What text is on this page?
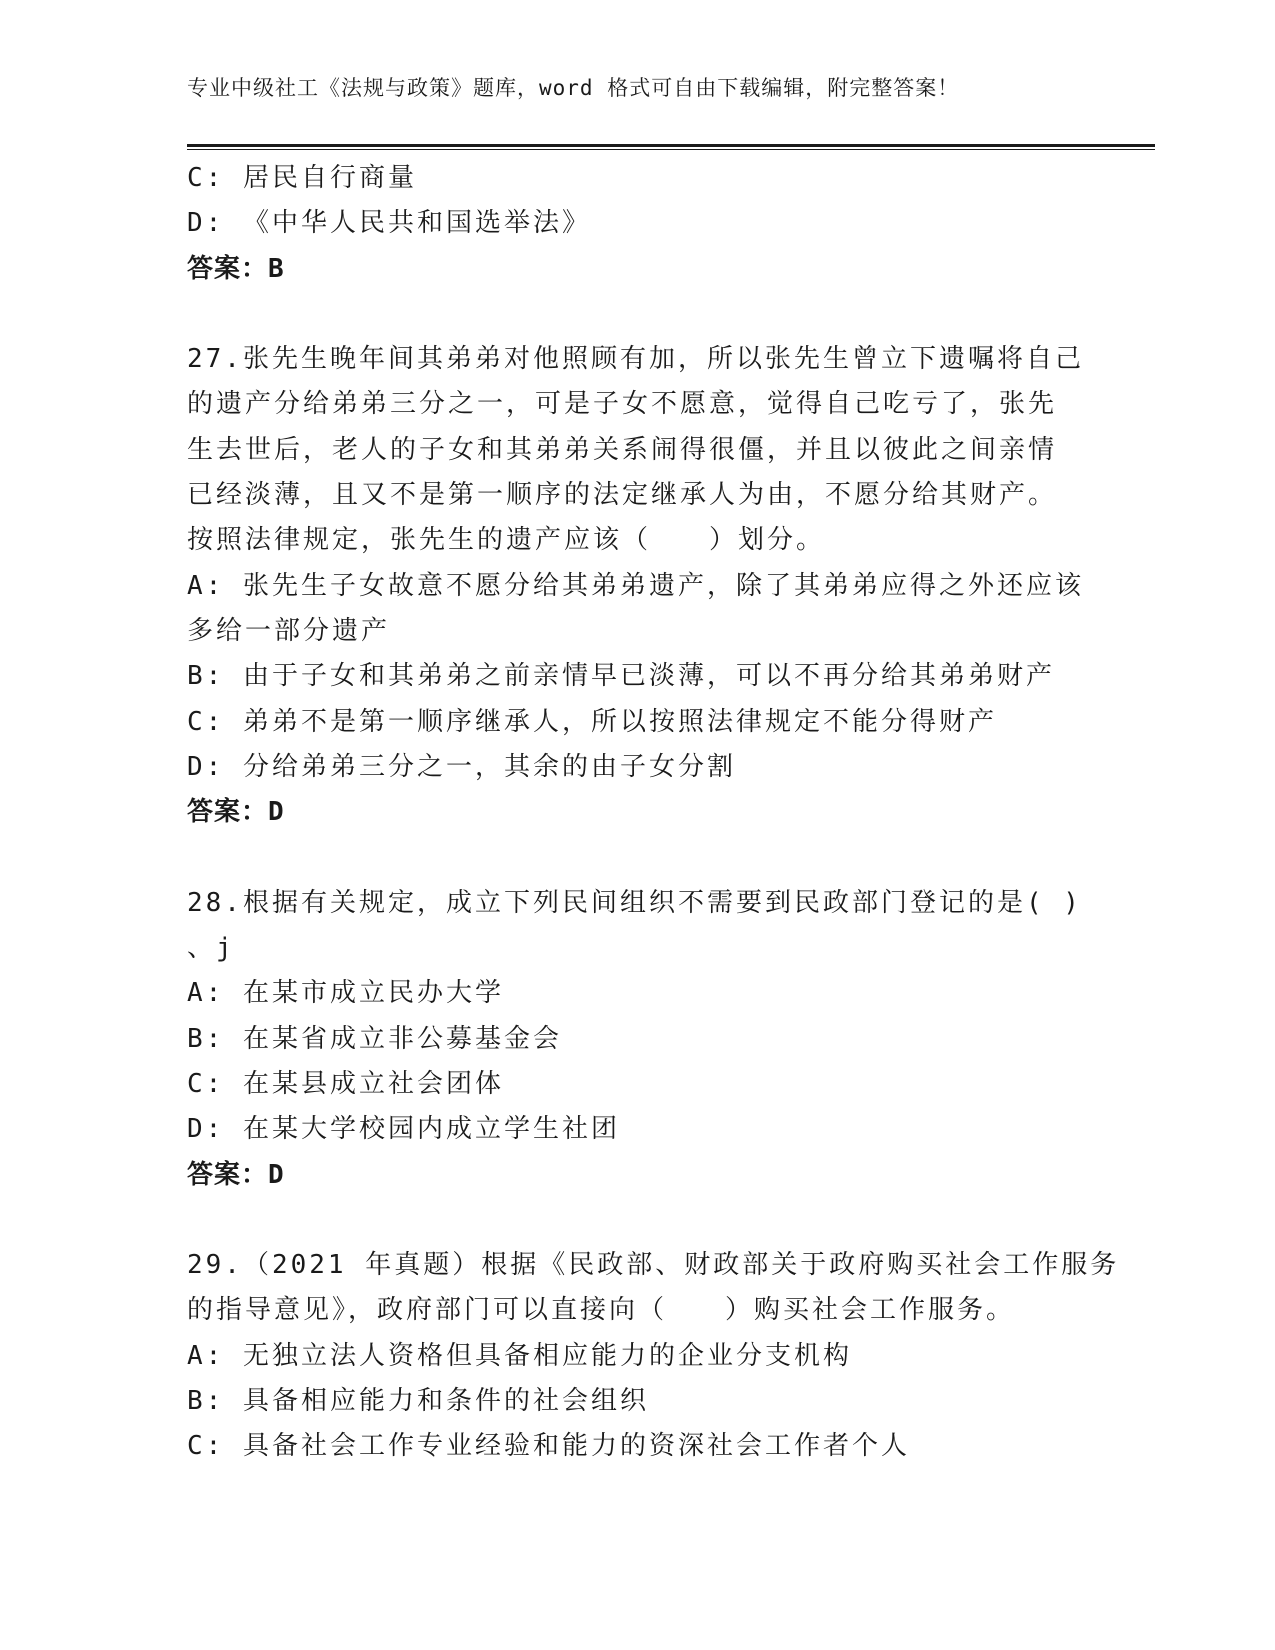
专业中级社工《法规与政策》题库，word 格式可自由下载编辑，附完整答案！
C: 居民自行商量
D: 《中华人民共和国选举法》
答案：B
27.张先生晚年间其弟弟对他照顾有加，所以张先生曾立下遗嘱将自己
的遗产分给弟弟三分之一，可是子女不愿意，觉得自己吃亏了，张先
生去世后，老人的子女和其弟弟关系闹得很僵，并且以彼此之间亲情
已经淡薄，且又不是第一顺序的法定继承人为由，不愿分给其财产。
按照法律规定，张先生的遗产应该（　　）划分。
A: 张先生子女故意不愿分给其弟弟遗产，除了其弟弟应得之外还应该
多给一部分遗产
B: 由于子女和其弟弟之前亲情早已淡薄，可以不再分给其弟弟财产
C: 弟弟不是第一顺序继承人，所以按照法律规定不能分得财产
D: 分给弟弟三分之一，其余的由子女分割
答案：D
28.根据有关规定，成立下列民间组织不需要到民政部门登记的是( )
、j
A: 在某市成立民办大学
B: 在某省成立非公募基金会
C: 在某县成立社会团体
D: 在某大学校园内成立学生社团
答案：D
29.（2021 年真题）根据《民政部、财政部关于政府购买社会工作服务
的指导意见》，政府部门可以直接向（　　）购买社会工作服务。
A: 无独立法人资格但具备相应能力的企业分支机构
B: 具备相应能力和条件的社会组织
C: 具备社会工作专业经验和能力的资深社会工作者个人
